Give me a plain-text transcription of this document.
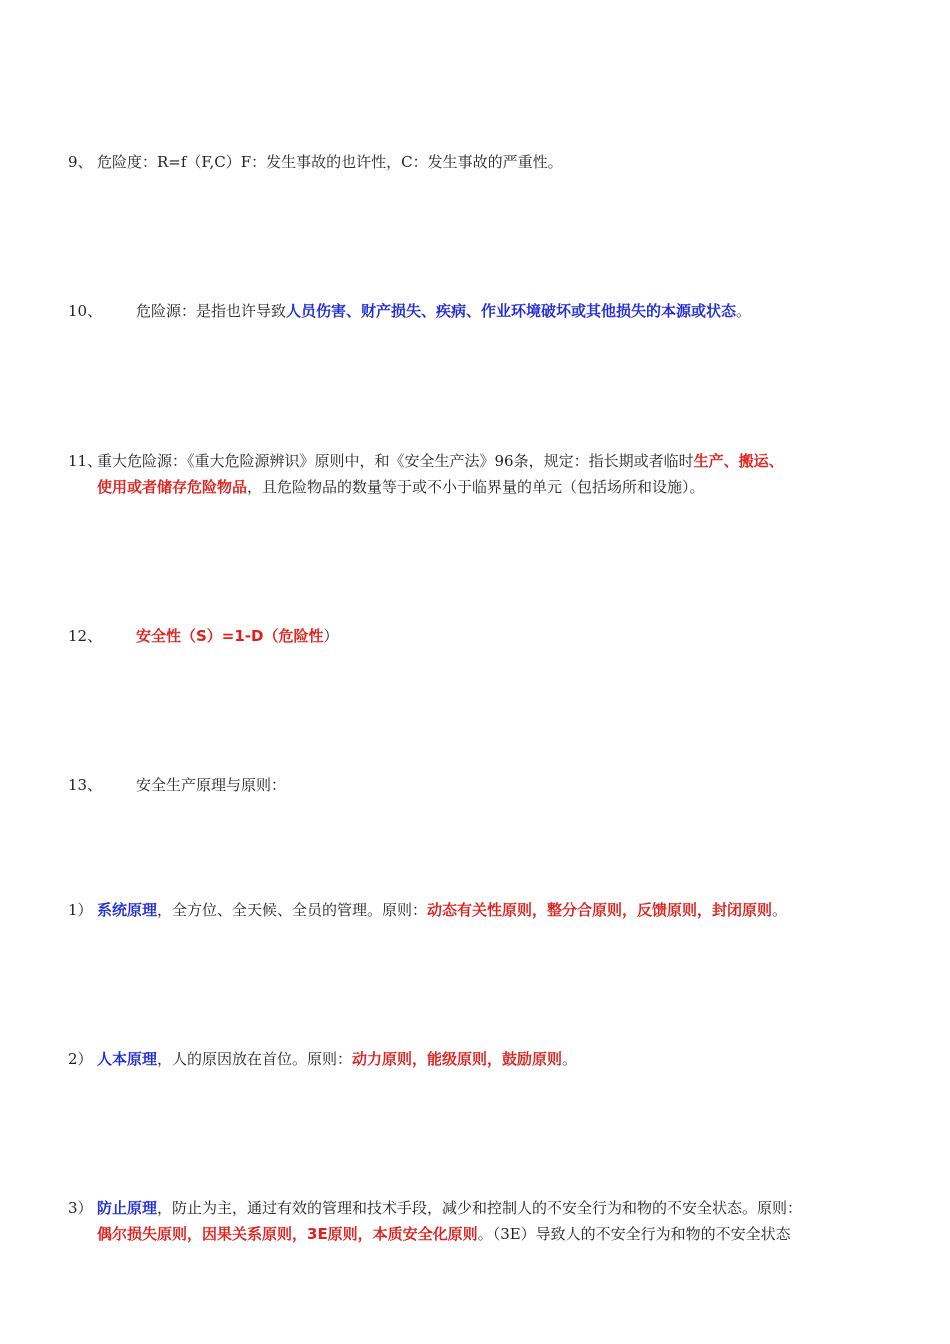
9、 危险度：R=f（F,C）F：发生事故的也许性，C：发生事故的严重性。
10、 危险源：是指也许导致人员伤害、财产损失、疾病、作业环境破坏或其他损失的本源或状态。
11、重大危险源：《重大危险源辨识》原则中，和《安全生产法》96条，规定：指长期或者临时生产、搬运、
使用或者储存危险物品，且危险物品的数量等于或不小于临界量的单元（包括场所和设施）。
12、 安全性（S）=1-D（危险性）
13、 安全生产原理与原则：
1） 系统原理，全方位、全天候、全员的管理。原则：动态有关性原则，整分合原则，反馈原则，封闭原则。
2） 人本原理，人的原因放在首位。原则：动力原则，能级原则，鼓励原则。
3） 防止原理，防止为主，通过有效的管理和技术手段，减少和控制人的不安全行为和物的不安全状态。原则：
偶尔损失原则，因果关系原则，3E原则，本质安全化原则。（3E）导致人的不安全行为和物的不安全状态
